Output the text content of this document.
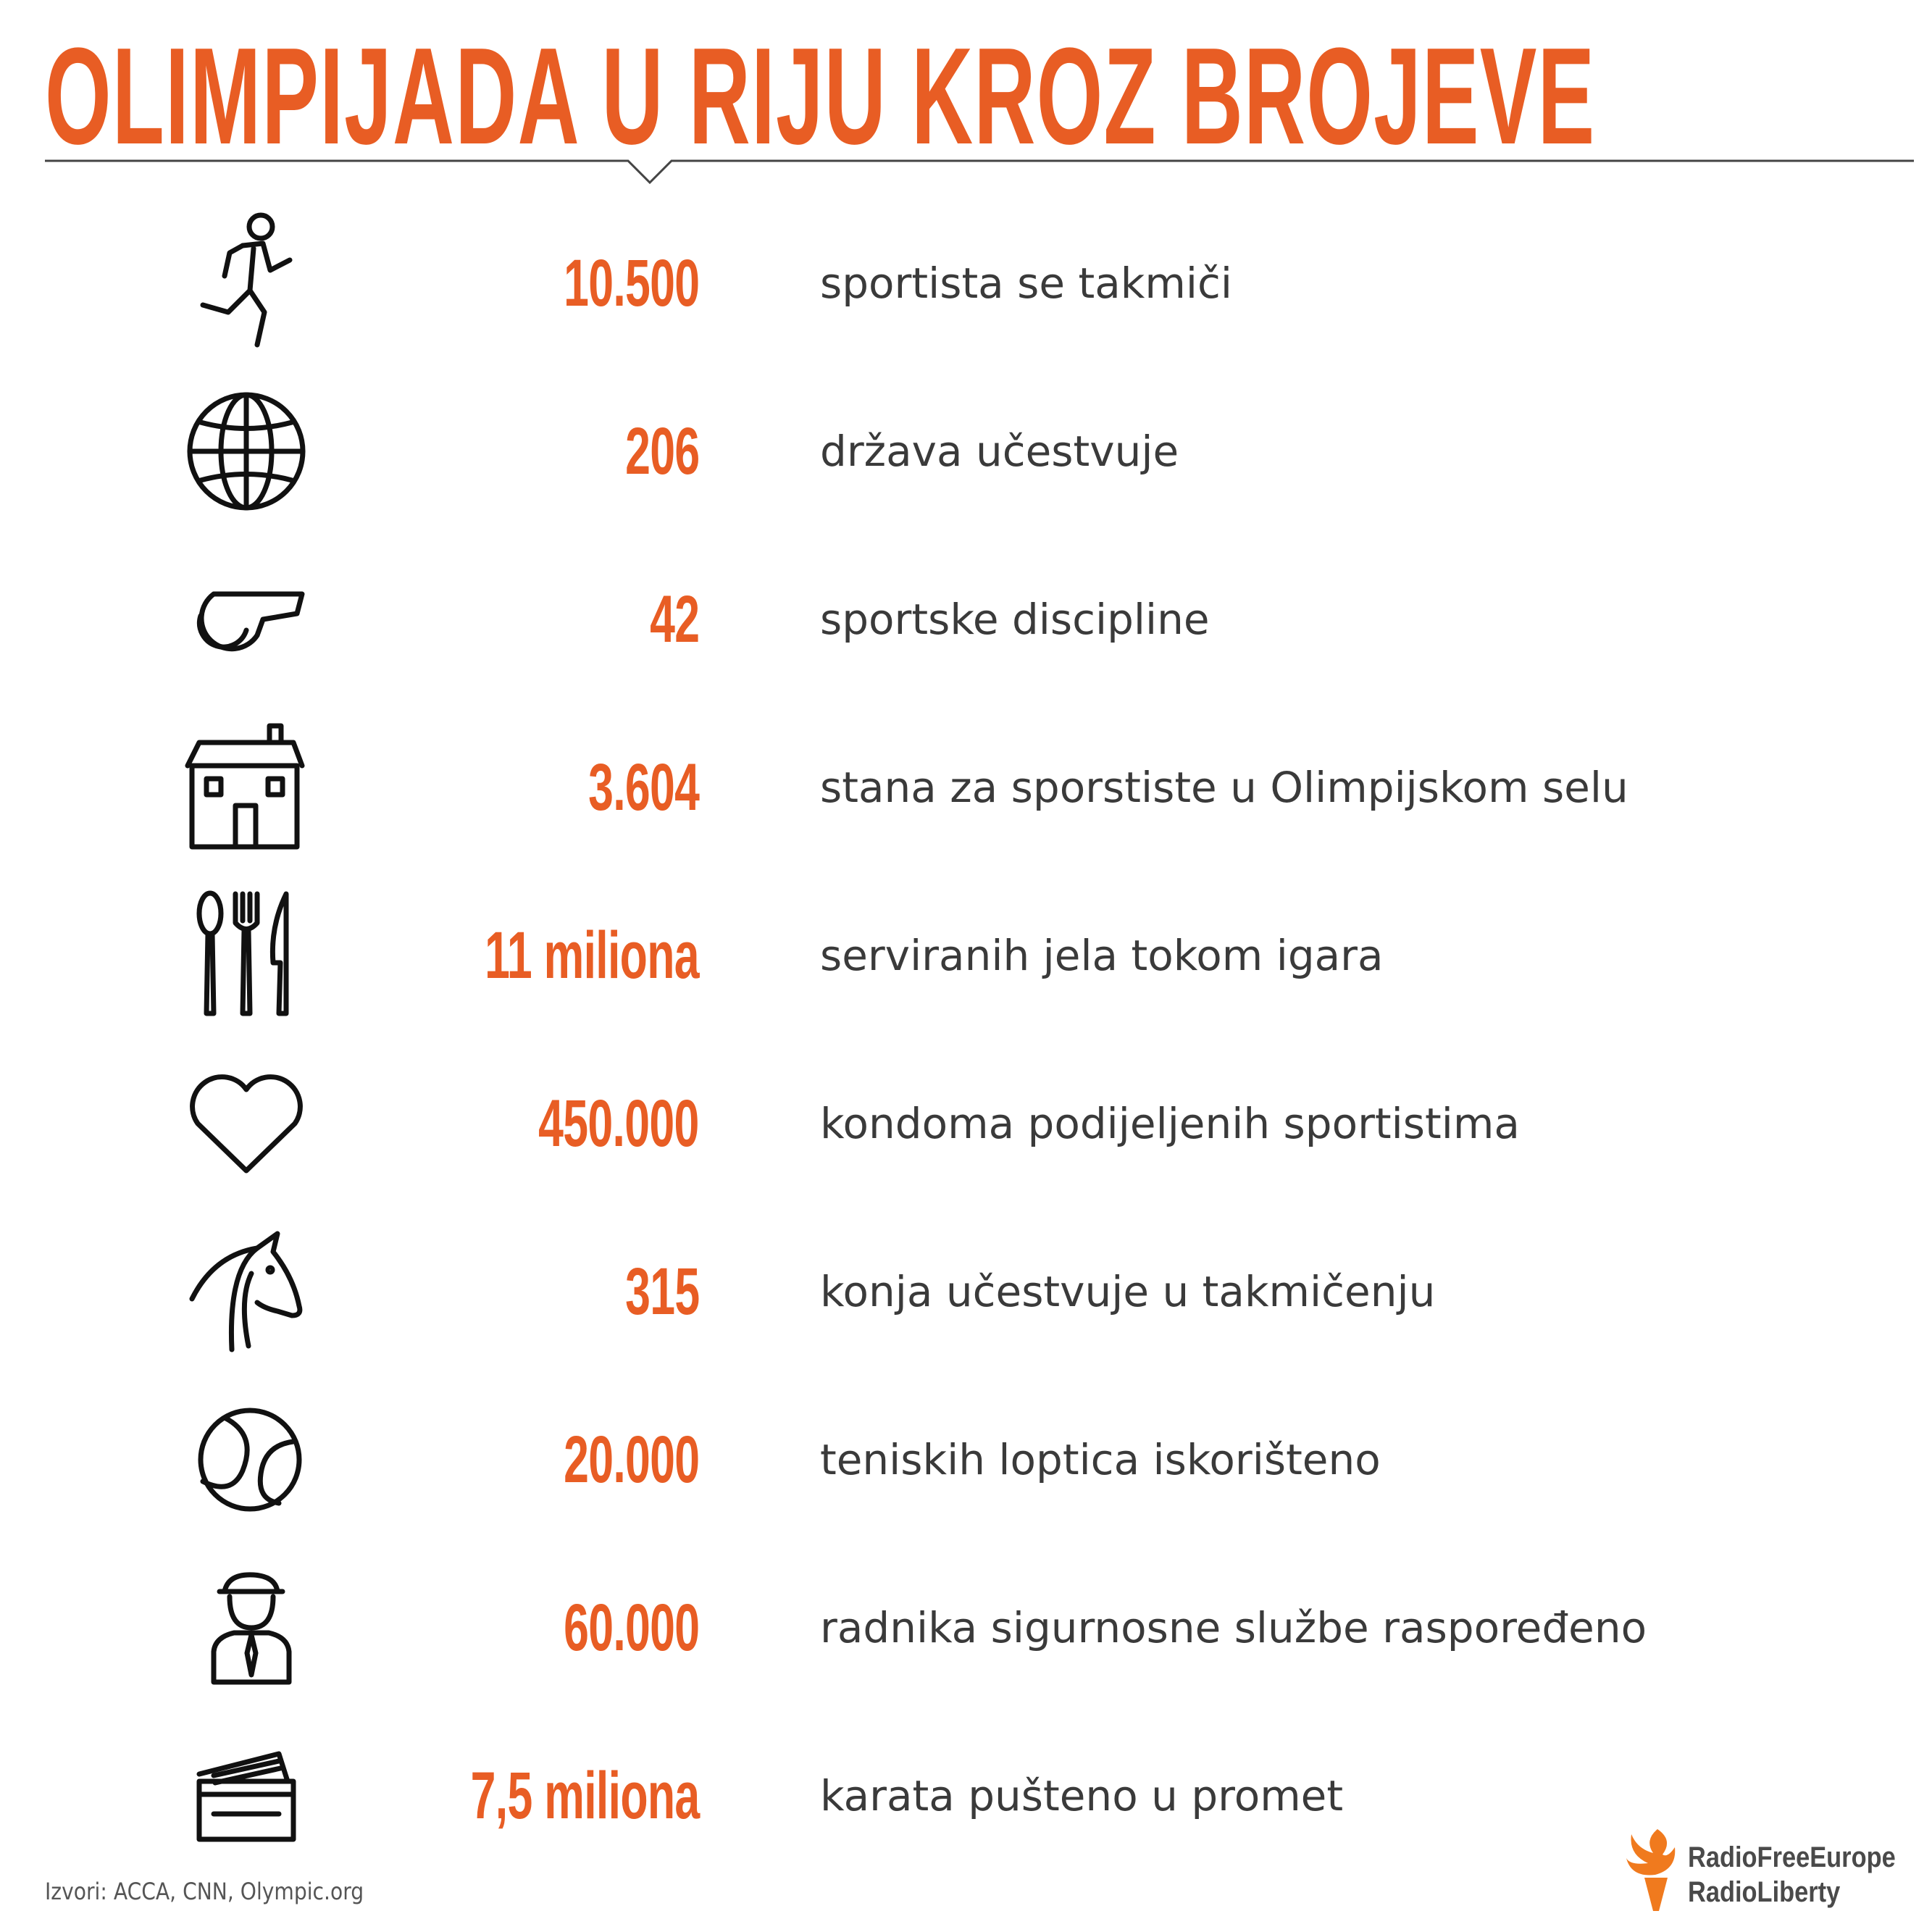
OLIMPIJADA U RIJU KROZ BROJEVE
10.500	sportista se takmiči
206	država učestvuje
42	sportske discipline
3.604	stana za sporstiste u Olimpijskom selu
11 miliona	serviranih jela tokom igara
450.000	kondoma podijeljenih sportistima
315	konja učestvuje u takmičenju
20.000	teniskih loptica iskorišteno
60.000	radnika sigurnosne službe raspoređeno
7,5 miliona	karata pušteno u promet
Izvori: ACCA, CNN, Olympic.org
RadioFreeEurope
RadioLiberty
